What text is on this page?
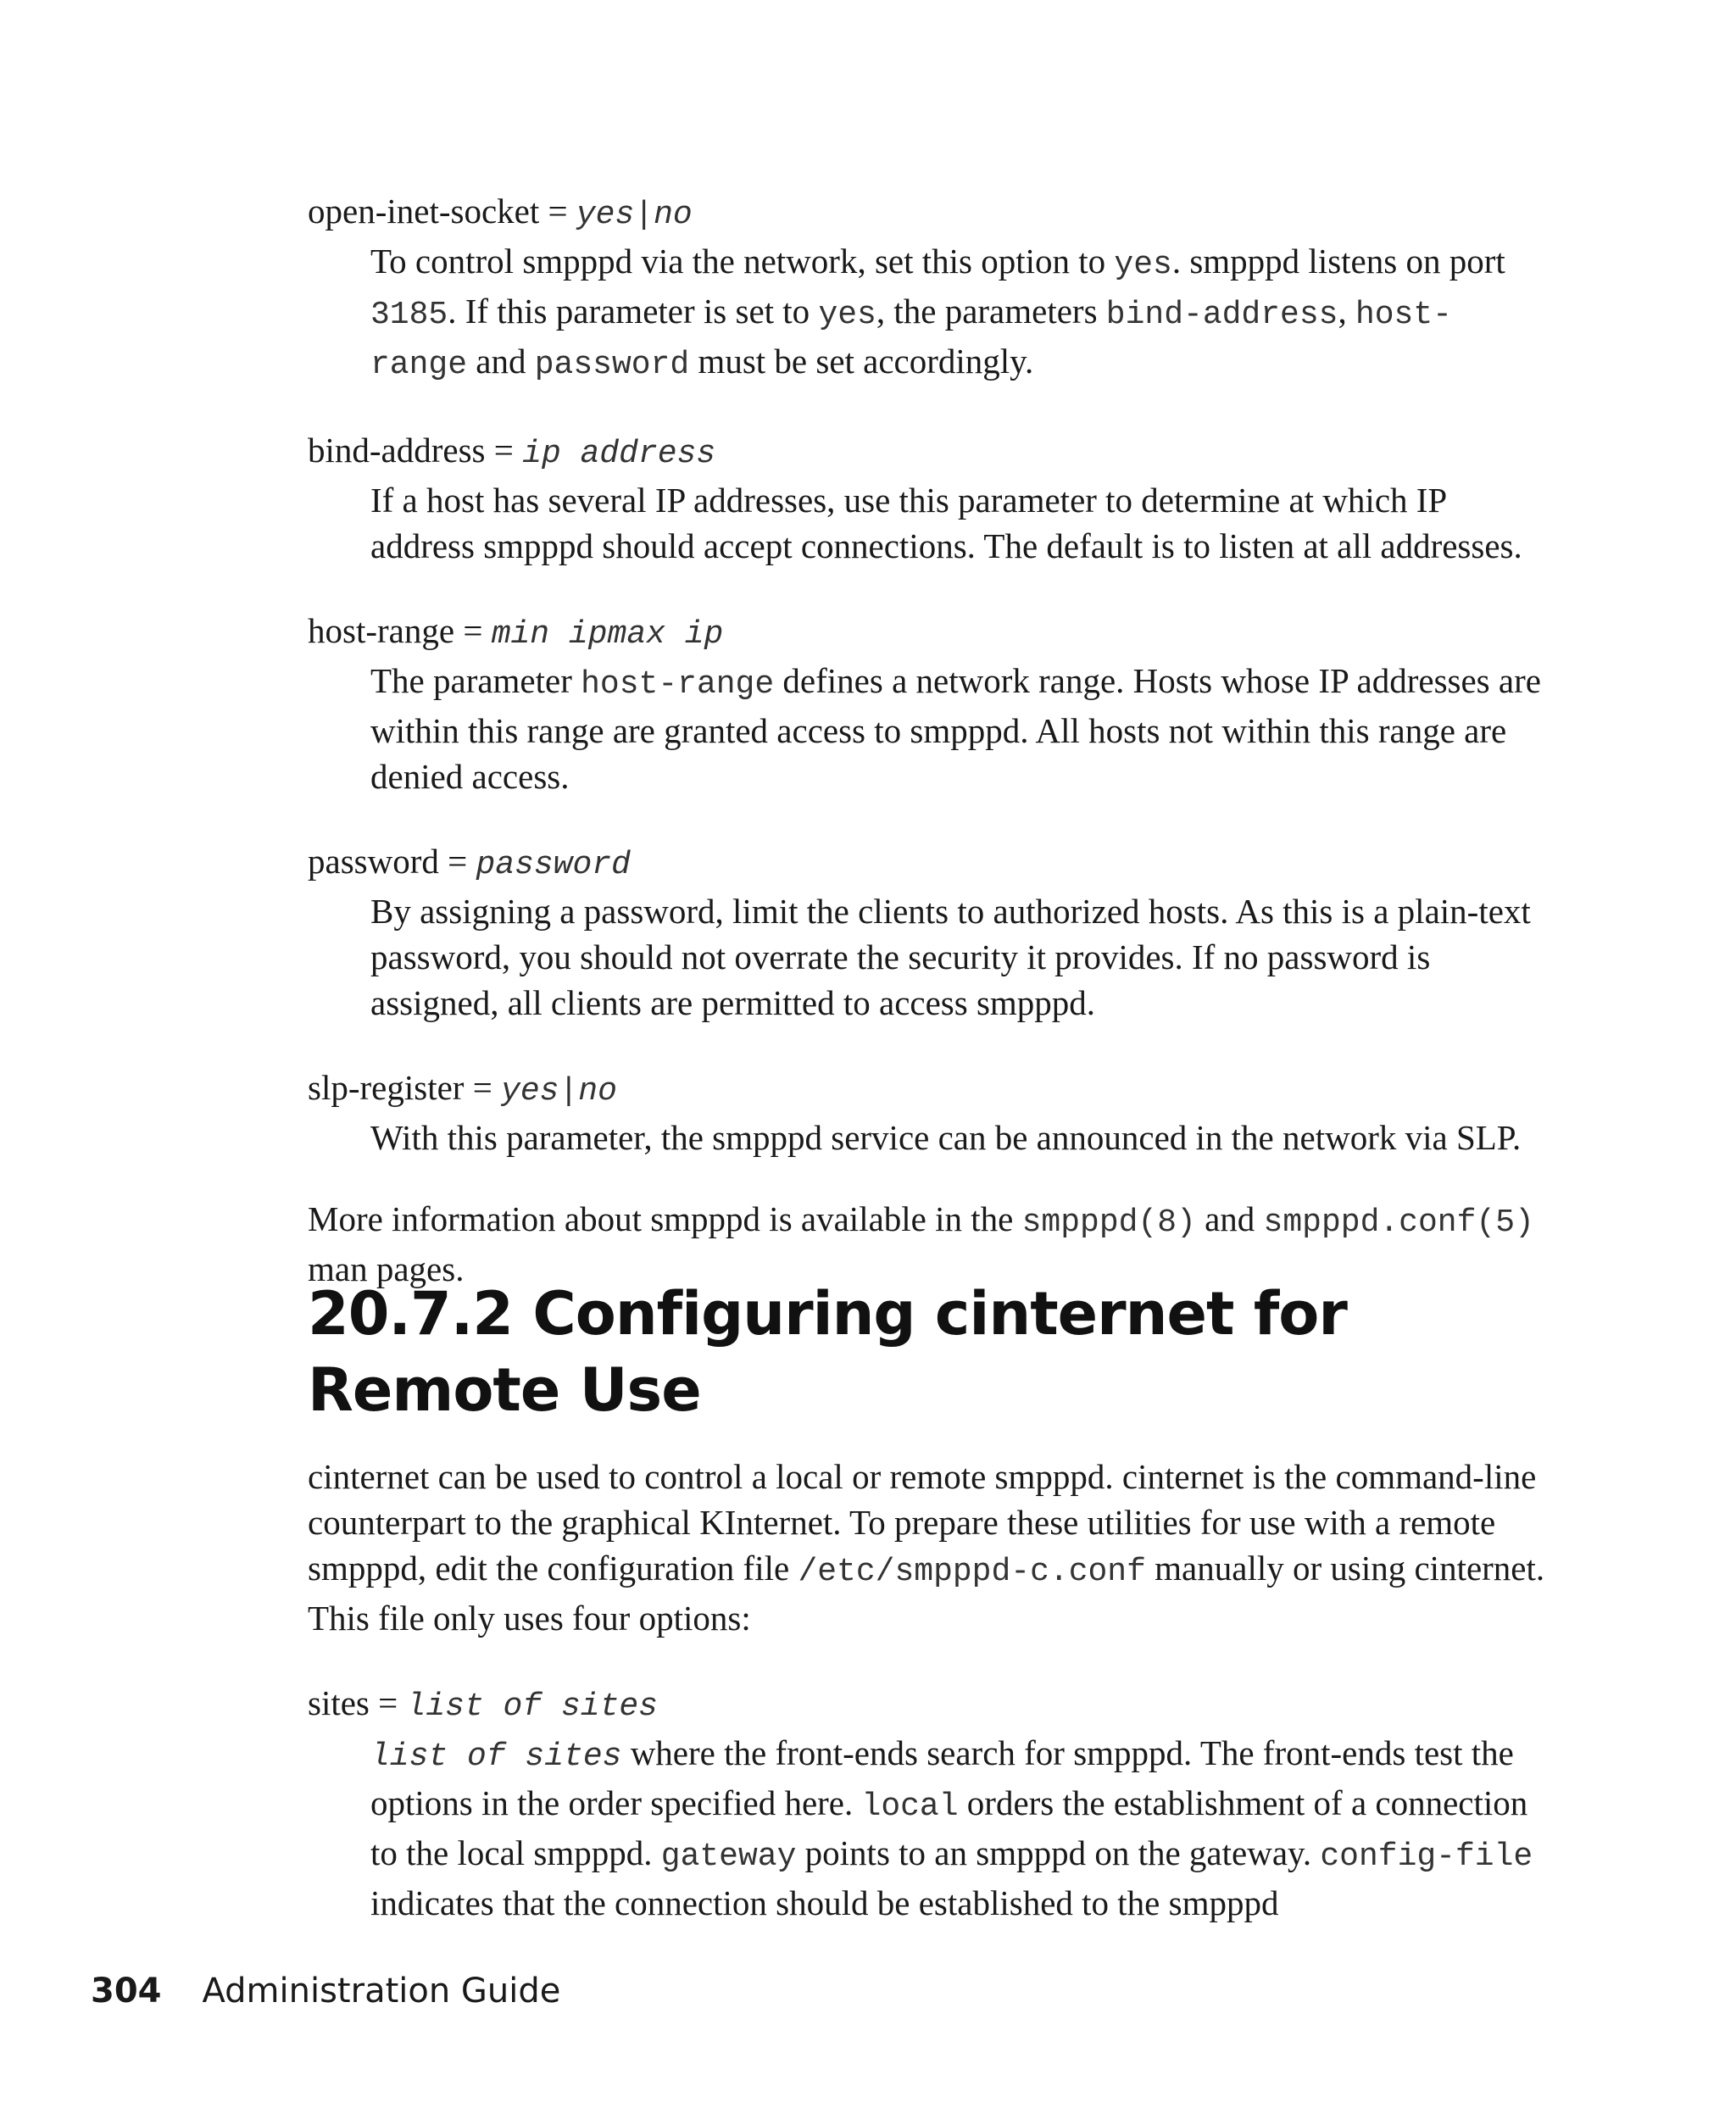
open-inet-socket = yes|no
To control smpppd via the network, set this option to yes. smpppd listens on port 3185. If this parameter is set to yes, the parameters bind-address, host-range and password must be set accordingly.
bind-address = ip address
If a host has several IP addresses, use this parameter to determine at which IP address smpppd should accept connections. The default is to listen at all addresses.
host-range = min ipmax ip
The parameter host-range defines a network range. Hosts whose IP addresses are within this range are granted access to smpppd. All hosts not within this range are denied access.
password = password
By assigning a password, limit the clients to authorized hosts. As this is a plain-text password, you should not overrate the security it provides. If no password is assigned, all clients are permitted to access smpppd.
slp-register = yes|no
With this parameter, the smpppd service can be announced in the network via SLP.

More information about smpppd is available in the smpppd(8) and smpppd.conf(5) man pages.

20.7.2 Configuring cinternet for Remote Use

cinternet can be used to control a local or remote smpppd. cinternet is the command-line counterpart to the graphical KInternet. To prepare these utilities for use with a remote smpppd, edit the configuration file /etc/smpppd-c.conf manually or using cinternet. This file only uses four options:

sites = list of sites
list of sites where the front-ends search for smpppd. The front-ends test the options in the order specified here. local orders the establishment of a connection to the local smpppd. gateway points to an smpppd on the gateway. config-file indicates that the connection should be established to the smpppd
304 Administration Guide
